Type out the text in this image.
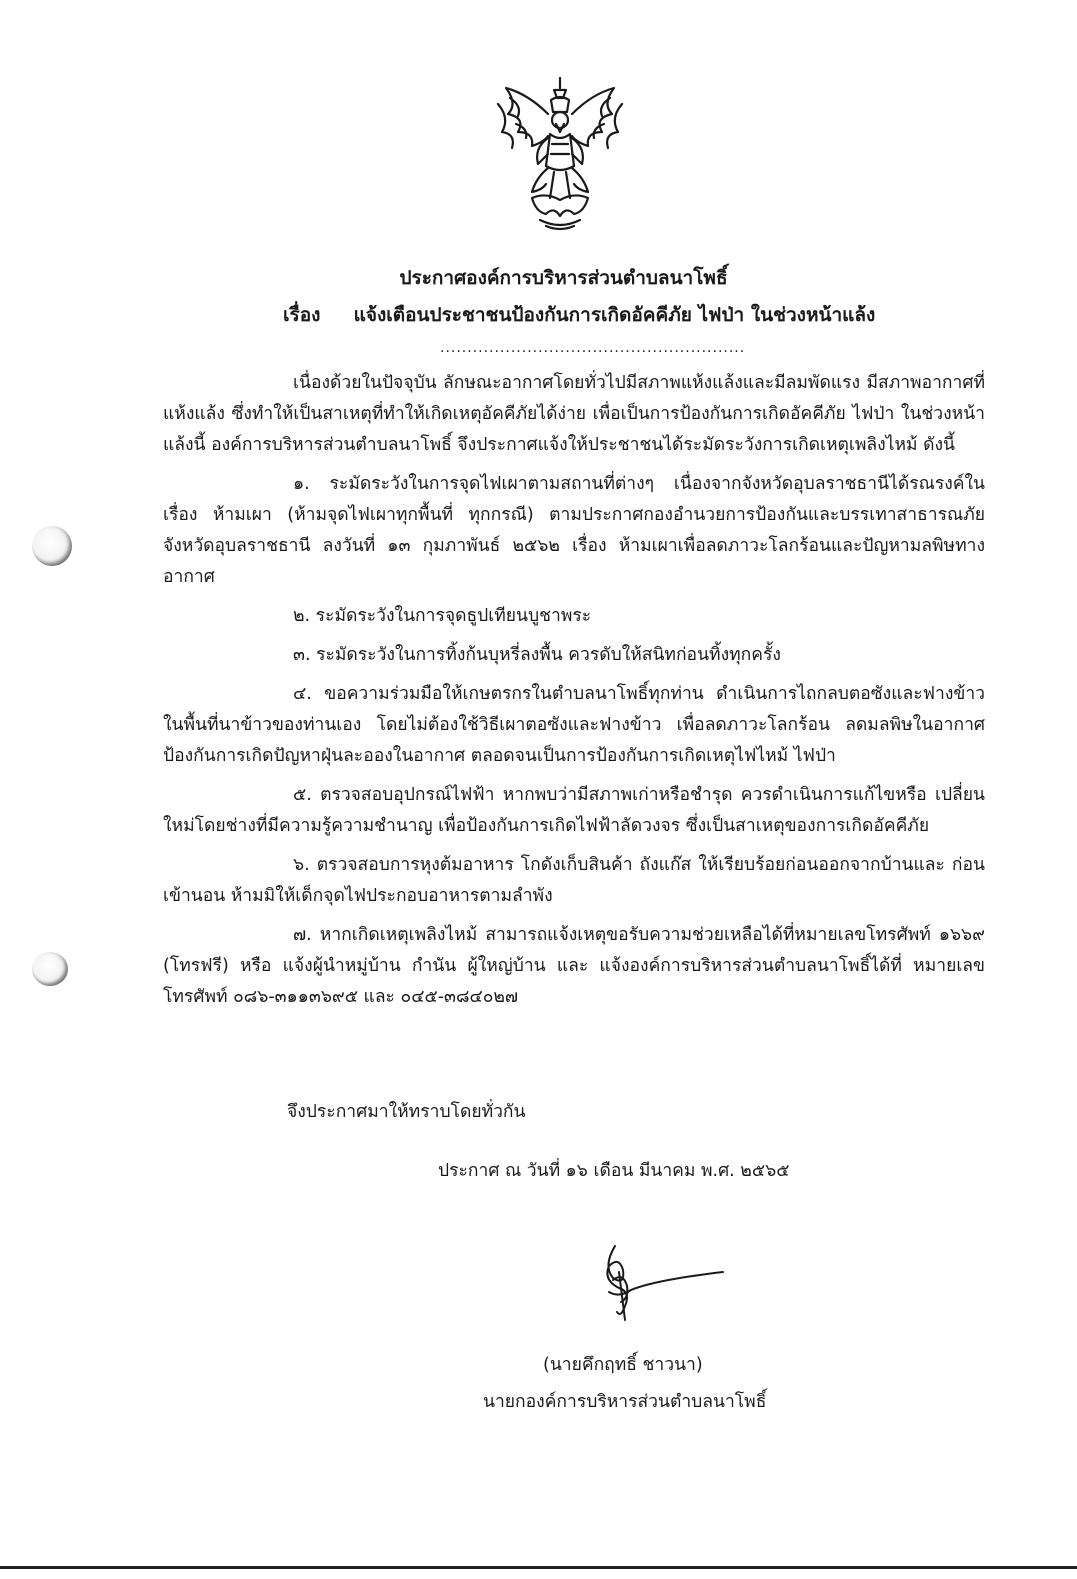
ประกาศองค์การบริหารส่วนตำบลนาโพธิ์

เรื่อง แจ้งเตือนประชาชนป้องกันการเกิดอัคคีภัย ไฟป่า ในช่วงหน้าแล้ง
........................................................

เนื่องด้วยในปัจจุบัน ลักษณะอากาศโดยทั่วไปมีสภาพแห้งแล้งและมีลมพัดแรง มีสภาพอากาศที่แห้งแล้ง ซึ่งทำให้เป็นสาเหตุที่ทำให้เกิดเหตุอัคคีภัยได้ง่าย เพื่อเป็นการป้องกันการเกิดอัคคีภัย ไฟป่า ในช่วงหน้าแล้งนี้ องค์การบริหารส่วนตำบลนาโพธิ์ จึงประกาศแจ้งให้ประชาชนได้ระมัดระวังการเกิดเหตุเพลิงไหม้ ดังนี้

๑. ระมัดระวังในการจุดไฟเผาตามสถานที่ต่างๆ เนื่องจากจังหวัดอุบลราชธานีได้รณรงค์ใน เรื่อง ห้ามเผา (ห้ามจุดไฟเผาทุกพื้นที่ ทุกกรณี) ตามประกาศกองอำนวยการป้องกันและบรรเทาสาธารณภัยจังหวัดอุบลราชธานี ลงวันที่ ๑๓ กุมภาพันธ์ ๒๕๖๒ เรื่อง ห้ามเผาเพื่อลดภาวะโลกร้อนและปัญหามลพิษทางอากาศ

๒. ระมัดระวังในการจุดธูปเทียนบูชาพระ

๓. ระมัดระวังในการทิ้งก้นบุหรี่ลงพื้น ควรดับให้สนิทก่อนทิ้งทุกครั้ง

๔. ขอความร่วมมือให้เกษตรกรในตำบลนาโพธิ์ทุกท่าน ดำเนินการไถกลบตอซังและฟางข้าว ในพื้นที่นาข้าวของท่านเอง โดยไม่ต้องใช้วิธีเผาตอซังและฟางข้าว เพื่อลดภาวะโลกร้อน ลดมลพิษในอากาศ ป้องกันการเกิดปัญหาฝุ่นละอองในอากาศ ตลอดจนเป็นการป้องกันการเกิดเหตุไฟไหม้ ไฟป่า

๕. ตรวจสอบอุปกรณ์ไฟฟ้า หากพบว่ามีสภาพเก่าหรือชำรุด ควรดำเนินการแก้ไขหรือ เปลี่ยนใหม่โดยช่างที่มีความรู้ความชำนาญ เพื่อป้องกันการเกิดไฟฟ้าลัดวงจร ซึ่งเป็นสาเหตุของการเกิดอัคคีภัย

๖. ตรวจสอบการหุงต้มอาหาร โกดังเก็บสินค้า ถังแก๊ส ให้เรียบร้อยก่อนออกจากบ้านและ ก่อนเข้านอน ห้ามมิให้เด็กจุดไฟประกอบอาหารตามลำพัง

๗. หากเกิดเหตุเพลิงไหม้ สามารถแจ้งเหตุขอรับความช่วยเหลือได้ที่หมายเลขโทรศัพท์ ๑๖๖๙ (โทรฟรี) หรือ แจ้งผู้นำหมู่บ้าน กำนัน ผู้ใหญ่บ้าน และ แจ้งองค์การบริหารส่วนตำบลนาโพธิ์ได้ที่ หมายเลขโทรศัพท์ ๐๘๖-๓๑๑๓๖๙๕ และ ๐๔๕-๓๘๔๐๒๗

จึงประกาศมาให้ทราบโดยทั่วกัน
ประกาศ ณ วันที่ ๑๖ เดือน มีนาคม พ.ศ. ๒๕๖๕
(นายคึกฤทธิ์ ชาวนา)
นายกองค์การบริหารส่วนตำบลนาโพธิ์
